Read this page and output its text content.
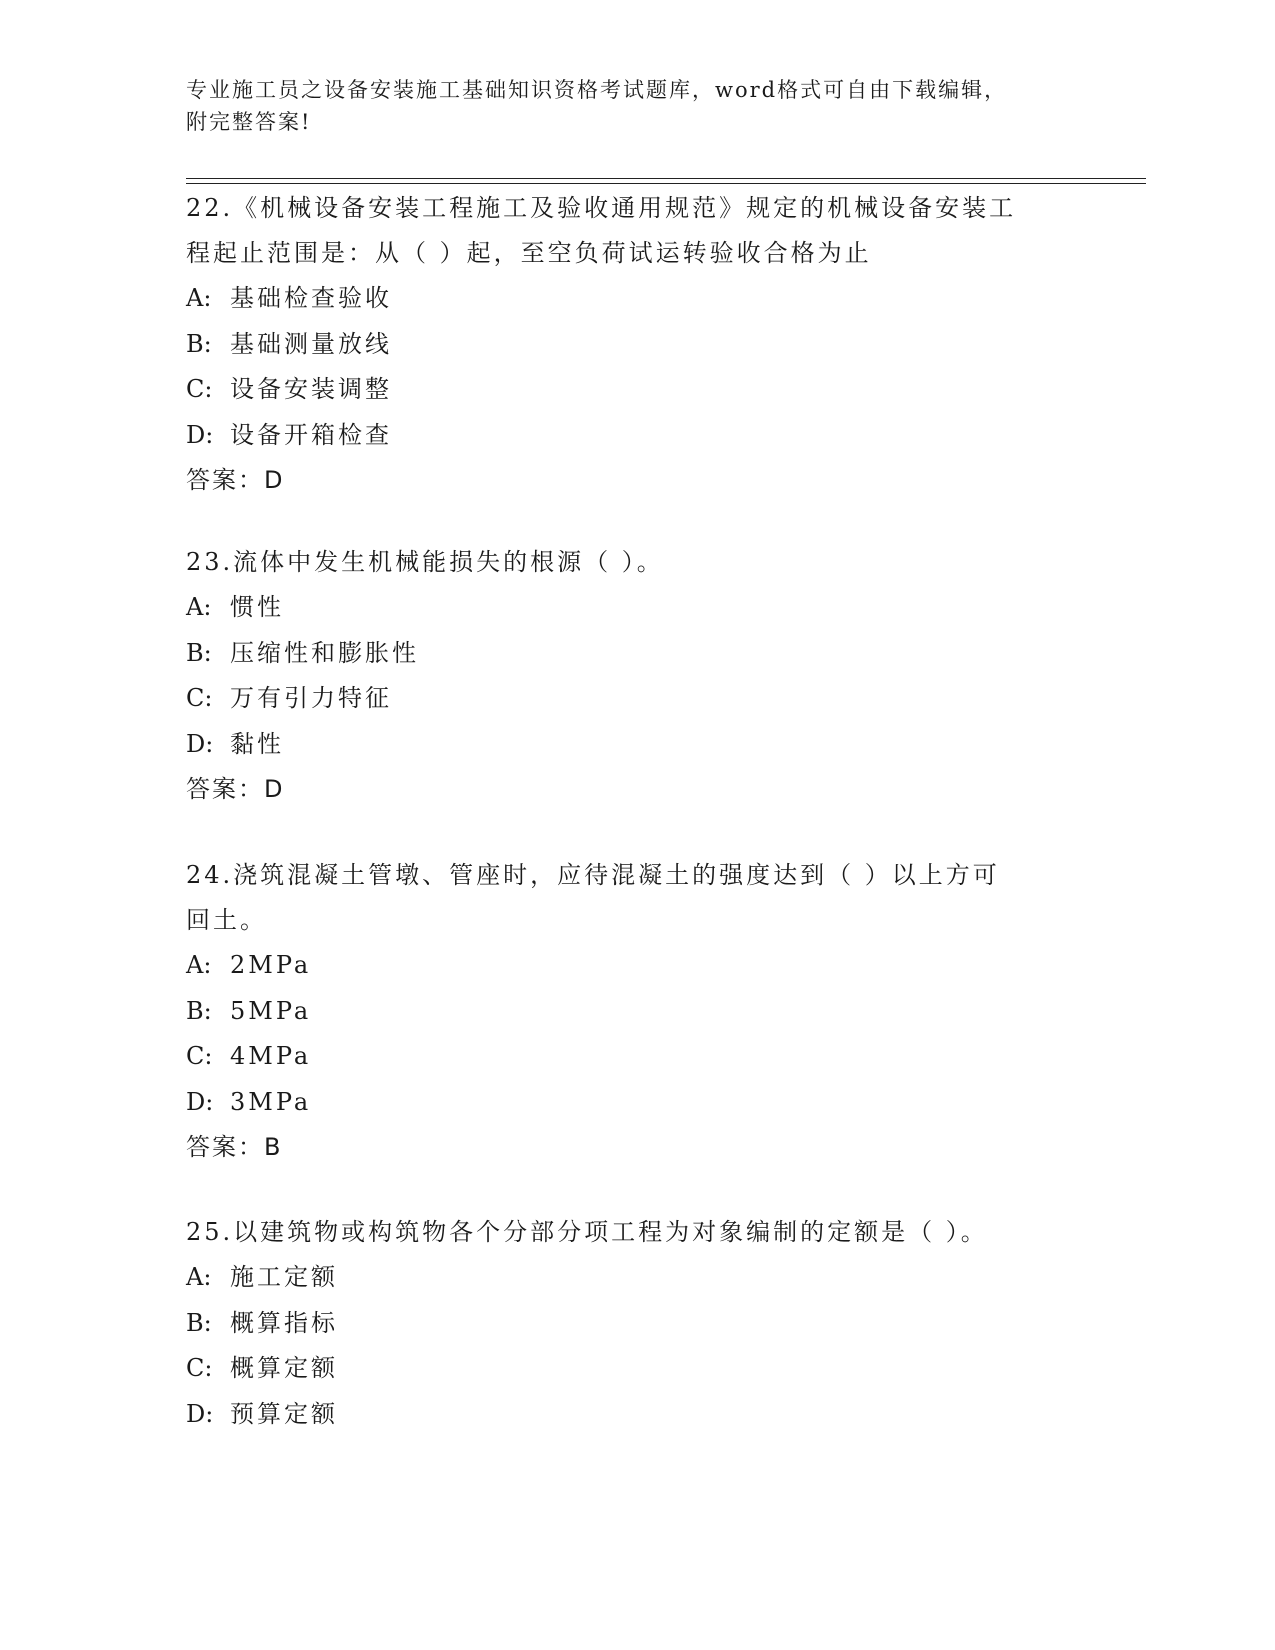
专业施工员之设备安装施工基础知识资格考试题库，word格式可自由下载编辑，
附完整答案!

22.《机械设备安装工程施工及验收通用规范》规定的机械设备安装工

程起止范围是：从（ ）起，至空负荷试运转验收合格为止

A: 基础检查验收

B: 基础测量放线

C: 设备安装调整

D: 设备开箱检查

答案：D

23.流体中发生机械能损失的根源（ ）。

A: 惯性

B: 压缩性和膨胀性

C: 万有引力特征

D: 黏性

答案：D

24.浇筑混凝土管墩、管座时，应待混凝土的强度达到（ ）以上方可

回土。

A: 2MPa

B: 5MPa

C: 4MPa

D: 3MPa

答案：B

25.以建筑物或构筑物各个分部分项工程为对象编制的定额是（ ）。

A: 施工定额

B: 概算指标

C: 概算定额

D: 预算定额
